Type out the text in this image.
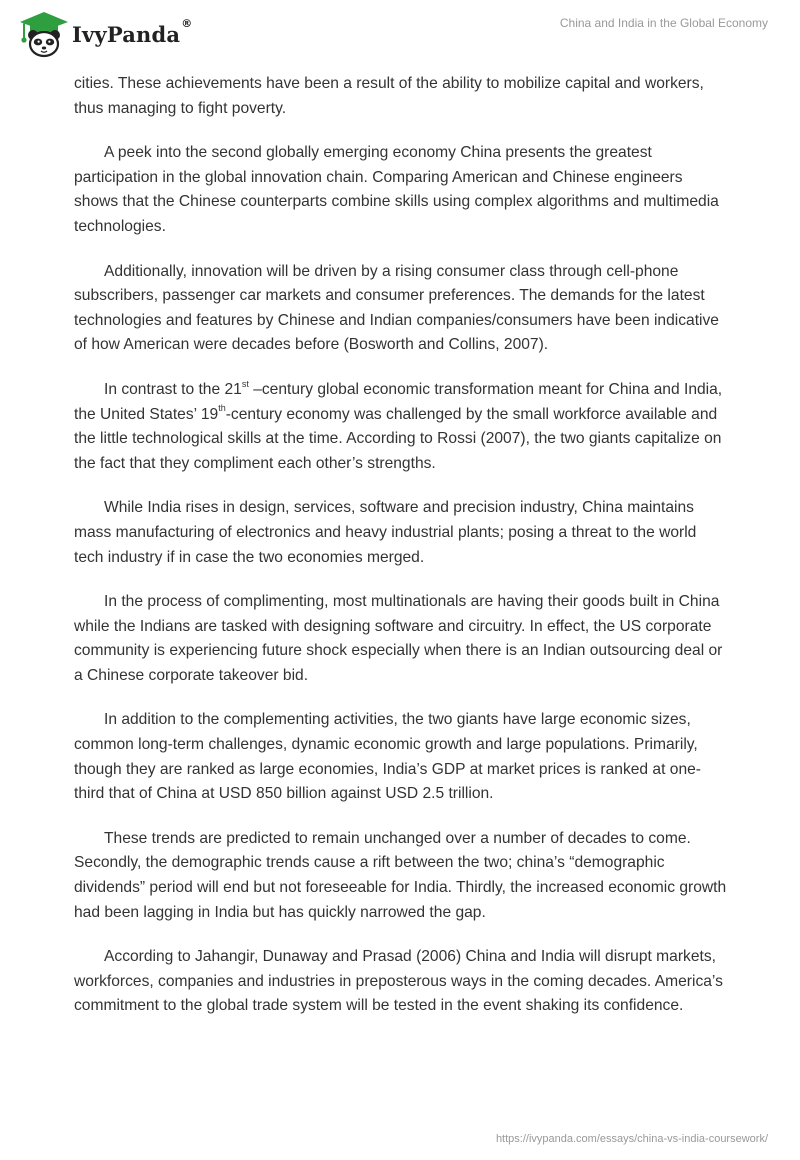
IvyPanda®	China and India in the Global Economy

cities. These achievements have been a result of the ability to mobilize capital and workers, thus managing to fight poverty.

A peek into the second globally emerging economy China presents the greatest participation in the global innovation chain. Comparing American and Chinese engineers shows that the Chinese counterparts combine skills using complex algorithms and multimedia technologies.

Additionally, innovation will be driven by a rising consumer class through cell-phone subscribers, passenger car markets and consumer preferences. The demands for the latest technologies and features by Chinese and Indian companies/consumers have been indicative of how American were decades before (Bosworth and Collins, 2007).

In contrast to the 21st –century global economic transformation meant for China and India, the United States’ 19th-century economy was challenged by the small workforce available and the little technological skills at the time. According to Rossi (2007), the two giants capitalize on the fact that they compliment each other’s strengths.

While India rises in design, services, software and precision industry, China maintains mass manufacturing of electronics and heavy industrial plants; posing a threat to the world tech industry if in case the two economies merged.

In the process of complimenting, most multinationals are having their goods built in China while the Indians are tasked with designing software and circuitry. In effect, the US corporate community is experiencing future shock especially when there is an Indian outsourcing deal or a Chinese corporate takeover bid.

In addition to the complementing activities, the two giants have large economic sizes, common long-term challenges, dynamic economic growth and large populations. Primarily, though they are ranked as large economies, India’s GDP at market prices is ranked at one-third that of China at USD 850 billion against USD 2.5 trillion.

These trends are predicted to remain unchanged over a number of decades to come. Secondly, the demographic trends cause a rift between the two; china’s “demographic dividends” period will end but not foreseeable for India. Thirdly, the increased economic growth had been lagging in India but has quickly narrowed the gap.

According to Jahangir, Dunaway and Prasad (2006) China and India will disrupt markets, workforces, companies and industries in preposterous ways in the coming decades. America’s commitment to the global trade system will be tested in the event shaking its confidence.

https://ivypanda.com/essays/china-vs-india-coursework/
